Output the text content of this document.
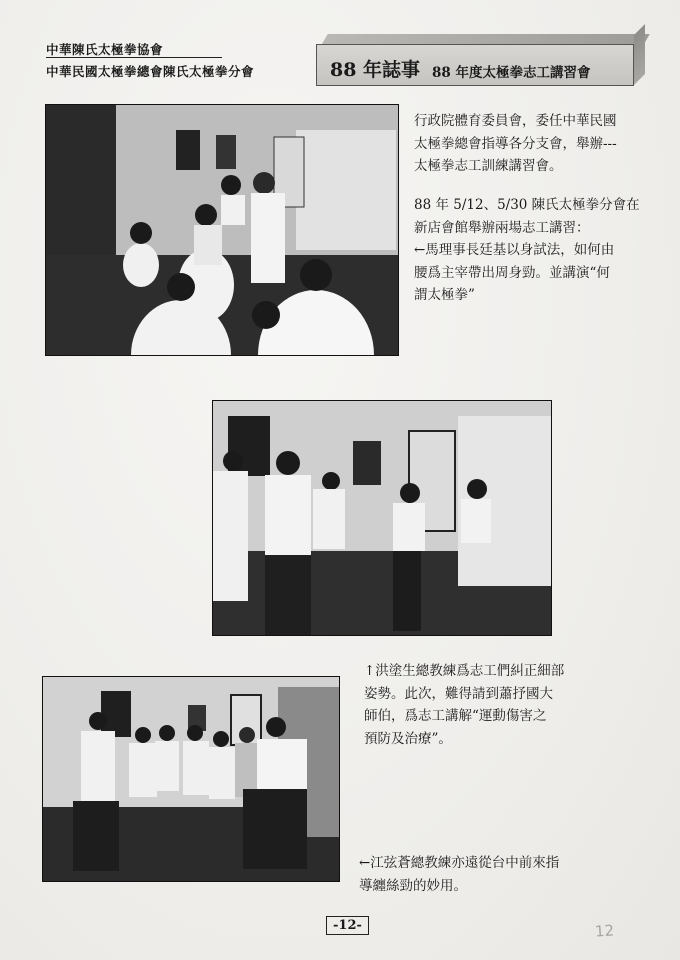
中華陳氏太極拳協會
中華民國太極拳總會陳氏太極拳分會	88 年誌事 88 年度太極拳志工講習會
行政院體育委員會，委任中華民國
太極拳總會指導各分支會，舉辦---
太極拳志工訓練講習會。
88 年 5/12、5/30 陳氏太極拳分會在
新店會館舉辦兩場志工講習：
←馬理事長廷基以身試法，如何由
腰爲主宰帶出周身勁。並講演“何
謂太極拳”
↑洪塗生總教練爲志工們糾正細部
姿勢。此次，難得請到蕭抒國大
師伯，爲志工講解“運動傷害之
預防及治療”。
←江弦蒼總教練亦遠從台中前來指
導纏絲勁的妙用。
-12-	12
